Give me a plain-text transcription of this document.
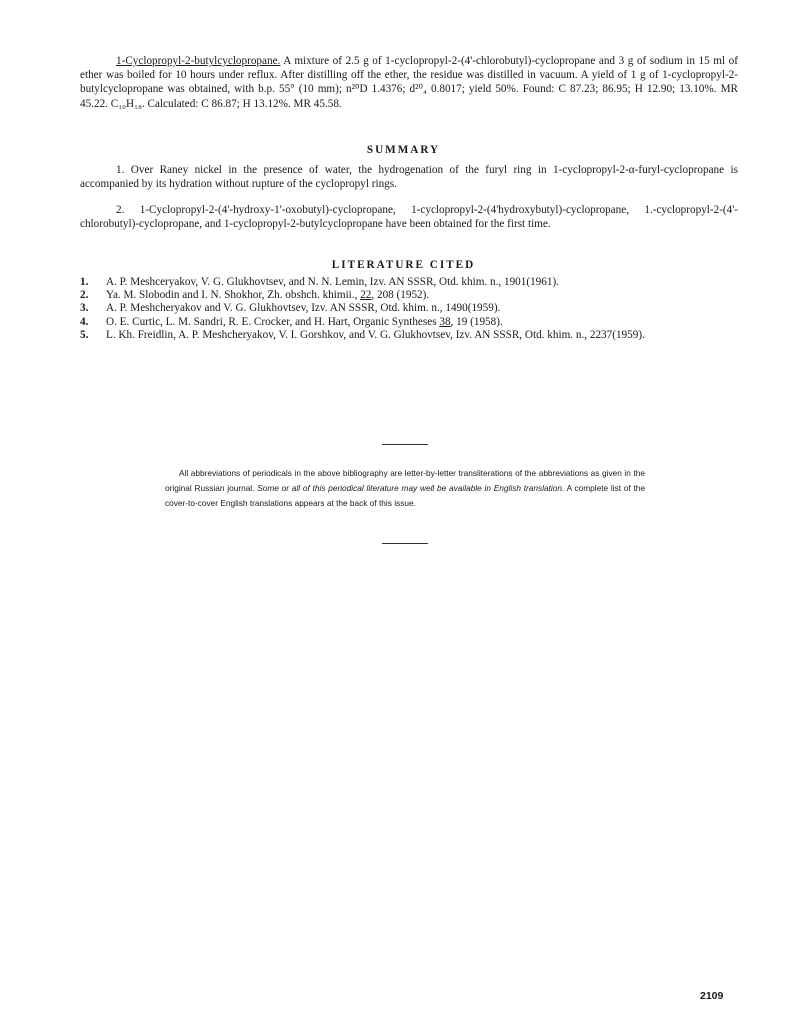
1-Cyclopropyl-2-butylcyclopropane. A mixture of 2.5 g of 1-cyclopropyl-2-(4'-chlorobutyl)-cyclopropane and 3 g of sodium in 15 ml of ether was boiled for 10 hours under reflux. After distilling off the ether, the residue was distilled in vacuum. A yield of 1 g of 1-cyclopropyl-2-butylcyclopropane was obtained, with b.p. 55° (10 mm); n²⁰D 1.4376; d²⁰₄ 0.8017; yield 50%. Found: C 87.23; 86.95; H 12.90; 13.10%. MR 45.22. C₁₀H₁₈. Calculated: C 86.87; H 13.12%. MR 45.58.

SUMMARY

1. Over Raney nickel in the presence of water, the hydrogenation of the furyl ring in 1-cyclopropyl-2-α-furyl-cyclopropane is accompanied by its hydration without rupture of the cyclopropyl rings.

2. 1-Cyclopropyl-2-(4'-hydroxy-1'-oxobutyl)-cyclopropane, 1-cyclopropyl-2-(4'hydroxybutyl)-cyclopropane, 1.-cyclopropyl-2-(4'-chlorobutyl)-cyclopropane, and 1-cyclopropyl-2-butylcyclopropane have been obtained for the first time.

LITERATURE CITED
1. A. P. Meshceryakov, V. G. Glukhovtsev, and N. N. Lemin, Izv. AN SSSR, Otd. khim. n., 1901(1961).
2. Ya. M. Slobodin and I. N. Shokhor, Zh. obshch. khimii., 22, 208 (1952).
3. A. P. Meshcheryakov and V. G. Glukhovtsev, Izv. AN SSSR, Otd. khim. n., 1490(1959).
4. O. E. Curtic, L. M. Sandri, R. E. Crocker, and H. Hart, Organic Syntheses 38, 19 (1958).
5. L. Kh. Freidlin, A. P. Meshcheryakov, V. I. Gorshkov, and V. G. Glukhovtsev, Izv. AN SSSR, Otd. khim. n., 2237(1959).

All abbreviations of periodicals in the above bibliography are letter-by-letter transliterations of the abbreviations as given in the original Russian journal. Some or all of this periodical literature may well be available in English translation. A complete list of the cover-to-cover English translations appears at the back of this issue.

2109
